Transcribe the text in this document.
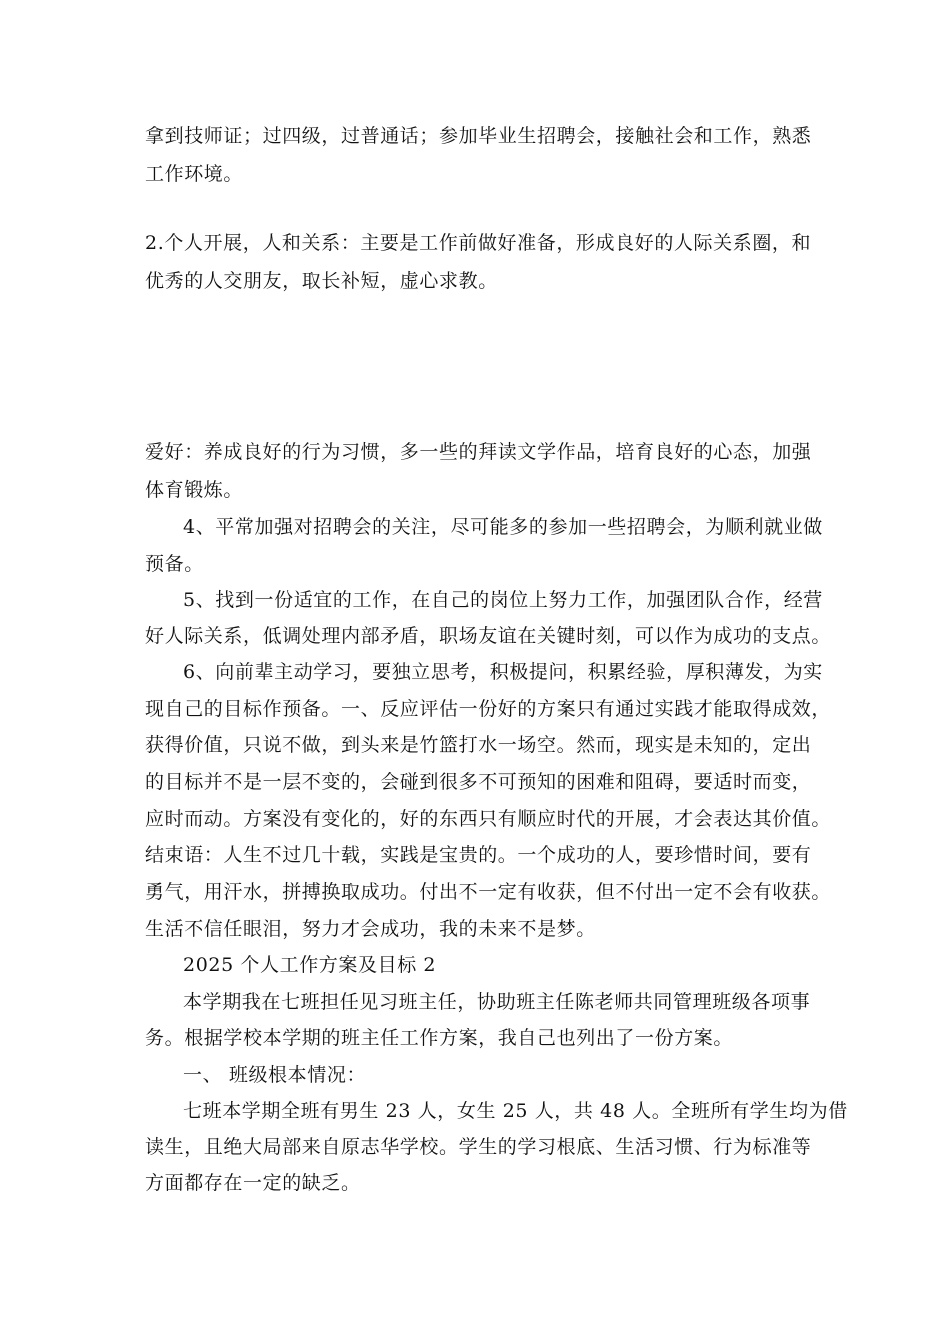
拿到技师证；过四级，过普通话；参加毕业生招聘会，接触社会和工作，熟悉
工作环境。
2.个人开展，人和关系：主要是工作前做好准备，形成良好的人际关系圈，和
优秀的人交朋友，取长补短，虚心求教。
爱好：养成良好的行为习惯，多一些的拜读文学作品，培育良好的心态，加强
体育锻炼。
4、平常加强对招聘会的关注，尽可能多的参加一些招聘会，为顺利就业做
预备。
5、找到一份适宜的工作，在自己的岗位上努力工作，加强团队合作，经营
好人际关系，低调处理内部矛盾，职场友谊在关键时刻，可以作为成功的支点。
6、向前辈主动学习，要独立思考，积极提问，积累经验，厚积薄发，为实
现自己的目标作预备。一、反应评估一份好的方案只有通过实践才能取得成效，
获得价值，只说不做，到头来是竹篮打水一场空。然而，现实是未知的，定出
的目标并不是一层不变的，会碰到很多不可预知的困难和阻碍，要适时而变，
应时而动。方案没有变化的，好的东西只有顺应时代的开展，才会表达其价值。
结束语：人生不过几十载，实践是宝贵的。一个成功的人，要珍惜时间，要有
勇气，用汗水，拼搏换取成功。付出不一定有收获，但不付出一定不会有收获。
生活不信任眼泪，努力才会成功，我的未来不是梦。
2025 个人工作方案及目标 2
本学期我在七班担任见习班主任，协助班主任陈老师共同管理班级各项事
务。根据学校本学期的班主任工作方案，我自己也列出了一份方案。
一、 班级根本情况：
七班本学期全班有男生 23 人，女生 25 人，共 48 人。全班所有学生均为借
读生，且绝大局部来自原志华学校。学生的学习根底、生活习惯、行为标准等
方面都存在一定的缺乏。
